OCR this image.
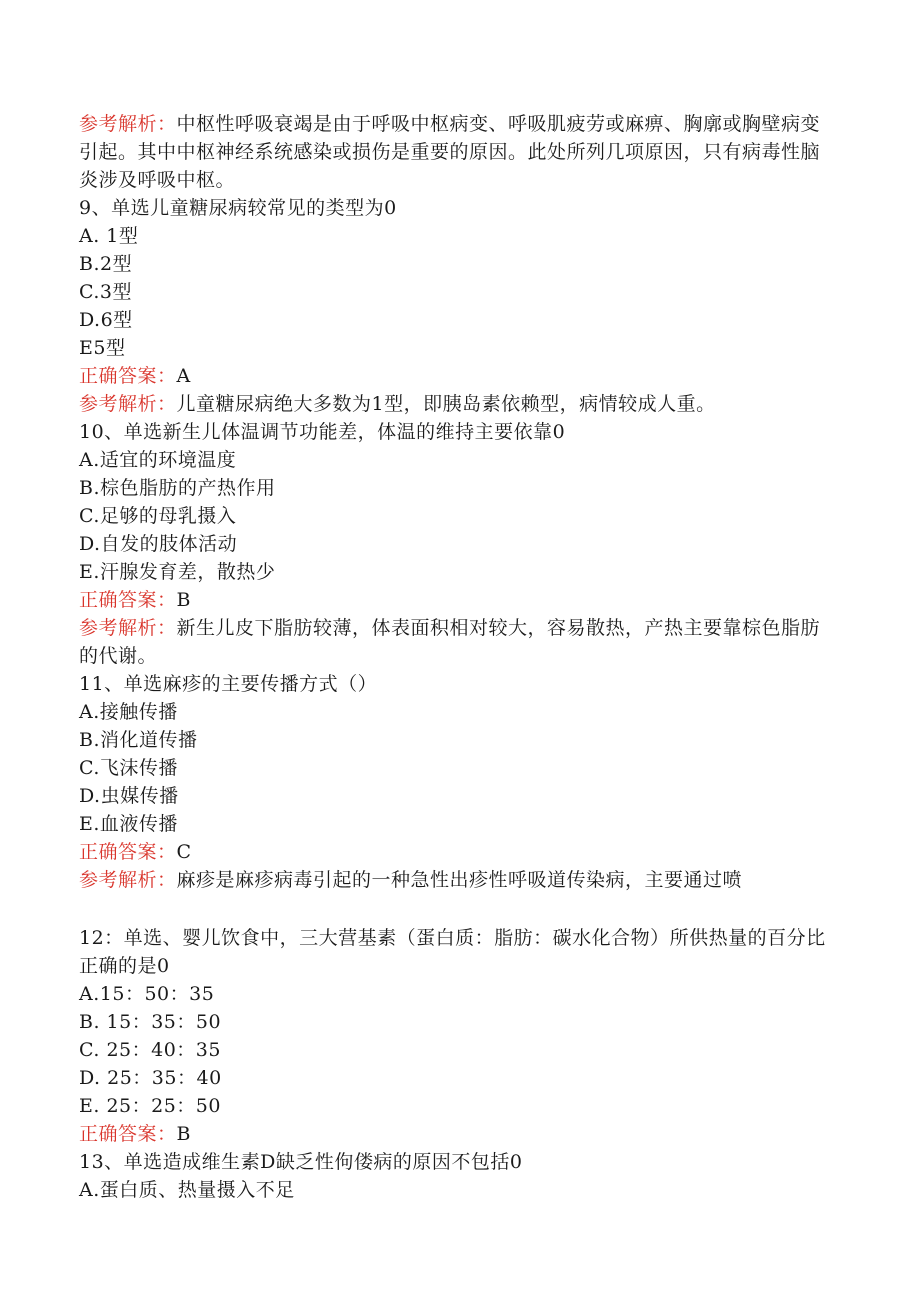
参考解析：中枢性呼吸衰竭是由于呼吸中枢病变、呼吸肌疲劳或麻痹、胸廓或胸壁病变引起。其中中枢神经系统感染或损伤是重要的原因。此处所列几项原因，只有病毒性脑炎涉及呼吸中枢。
9、单选儿童糖尿病较常见的类型为0
A. 1型
B.2型
C.3型
D.6型
E5型
正确答案：A
参考解析：儿童糖尿病绝大多数为1型，即胰岛素依赖型，病情较成人重。
10、单选新生儿体温调节功能差，体温的维持主要依靠0
A.适宜的环境温度
B.棕色脂肪的产热作用
C.足够的母乳摄入
D.自发的肢体活动
E.汗腺发育差，散热少
正确答案：B
参考解析：新生儿皮下脂肪较薄，体表面积相对较大，容易散热，产热主要靠棕色脂肪的代谢。
11、单选麻疹的主要传播方式（）
A.接触传播
B.消化道传播
C.飞沫传播
D.虫媒传播
E.血液传播
正确答案：C
参考解析：麻疹是麻疹病毒引起的一种急性出疹性呼吸道传染病，主要通过喷
12：单选、婴儿饮食中，三大营基素（蛋白质：脂肪：碳水化合物）所供热量的百分比正确的是0
A.15：50：35
B. 15：35：50
C. 25：40：35
D. 25：35：40
E. 25：25：50
正确答案：B
13、单选造成维生素D缺乏性佝偻病的原因不包括0
A.蛋白质、热量摄入不足
